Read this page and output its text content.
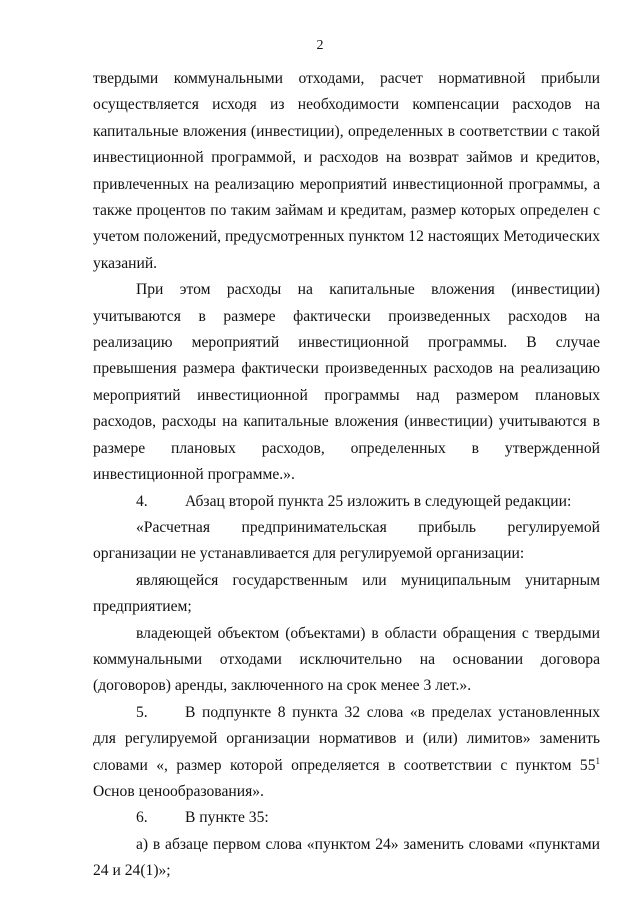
2

твердыми коммунальными отходами, расчет нормативной прибыли осуществляется исходя из необходимости компенсации расходов на капитальные вложения (инвестиции), определенных в соответствии с такой инвестиционной программой, и расходов на возврат займов и кредитов, привлеченных на реализацию мероприятий инвестиционной программы, а также процентов по таким займам и кредитам, размер которых определен с учетом положений, предусмотренных пунктом 12 настоящих Методических указаний.

При этом расходы на капитальные вложения (инвестиции) учитываются в размере фактически произведенных расходов на реализацию мероприятий инвестиционной программы. В случае превышения размера фактически произведенных расходов на реализацию мероприятий инвестиционной программы над размером плановых расходов, расходы на капитальные вложения (инвестиции) учитываются в размере плановых расходов, определенных в утвержденной инвестиционной программе.».

4. Абзац второй пункта 25 изложить в следующей редакции:

«Расчетная предпринимательская прибыль регулируемой организации не устанавливается для регулируемой организации:

являющейся государственным или муниципальным унитарным предприятием;

владеющей объектом (объектами) в области обращения с твердыми коммунальными отходами исключительно на основании договора (договоров) аренды, заключенного на срок менее 3 лет.».

5. В подпункте 8 пункта 32 слова «в пределах установленных для регулируемой организации нормативов и (или) лимитов» заменить словами «, размер которой определяется в соответствии с пунктом $55^1$ Основ ценообразования».

6. В пункте 35:

а) в абзаце первом слова «пунктом 24» заменить словами «пунктами 24 и 24(1)»;
